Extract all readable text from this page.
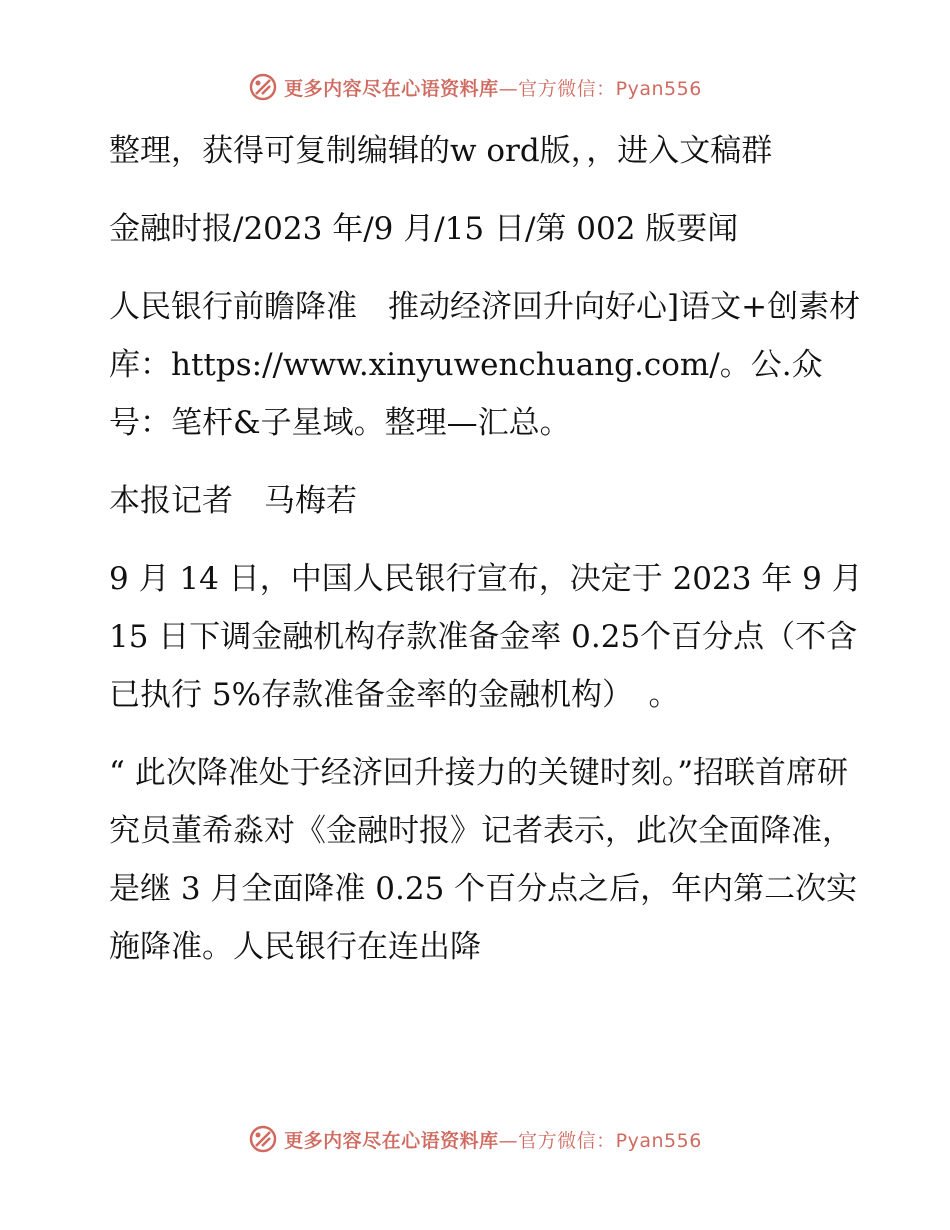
更多内容尽在心语资料库—官方微信：Pyan556

整理，获得可复制编辑的w ord版，，进入文稿群

金融时报/2023 年/9 月/15 日/第 002 版要闻

人民银行前瞻降准　推动经济回升向好心]语文+创素材库：https://www.xinyuwenchuang.com/。公.众号：笔杆&子星域。整理—汇总。

本报记者　马梅若

9 月 14 日，中国人民银行宣布，决定于 2023 年 9 月 15 日下调金融机构存款准备金率 0.25个百分点（不含已执行 5%存款准备金率的金融机构）　。

“ 此次降准处于经济回升接力的关键时刻。”招联首席研究员董希淼对《金融时报》记者表示，此次全面降准，是继 3 月全面降准 0.25 个百分点之后，年内第二次实施降准。人民银行在连出降

更多内容尽在心语资料库—官方微信：Pyan556
